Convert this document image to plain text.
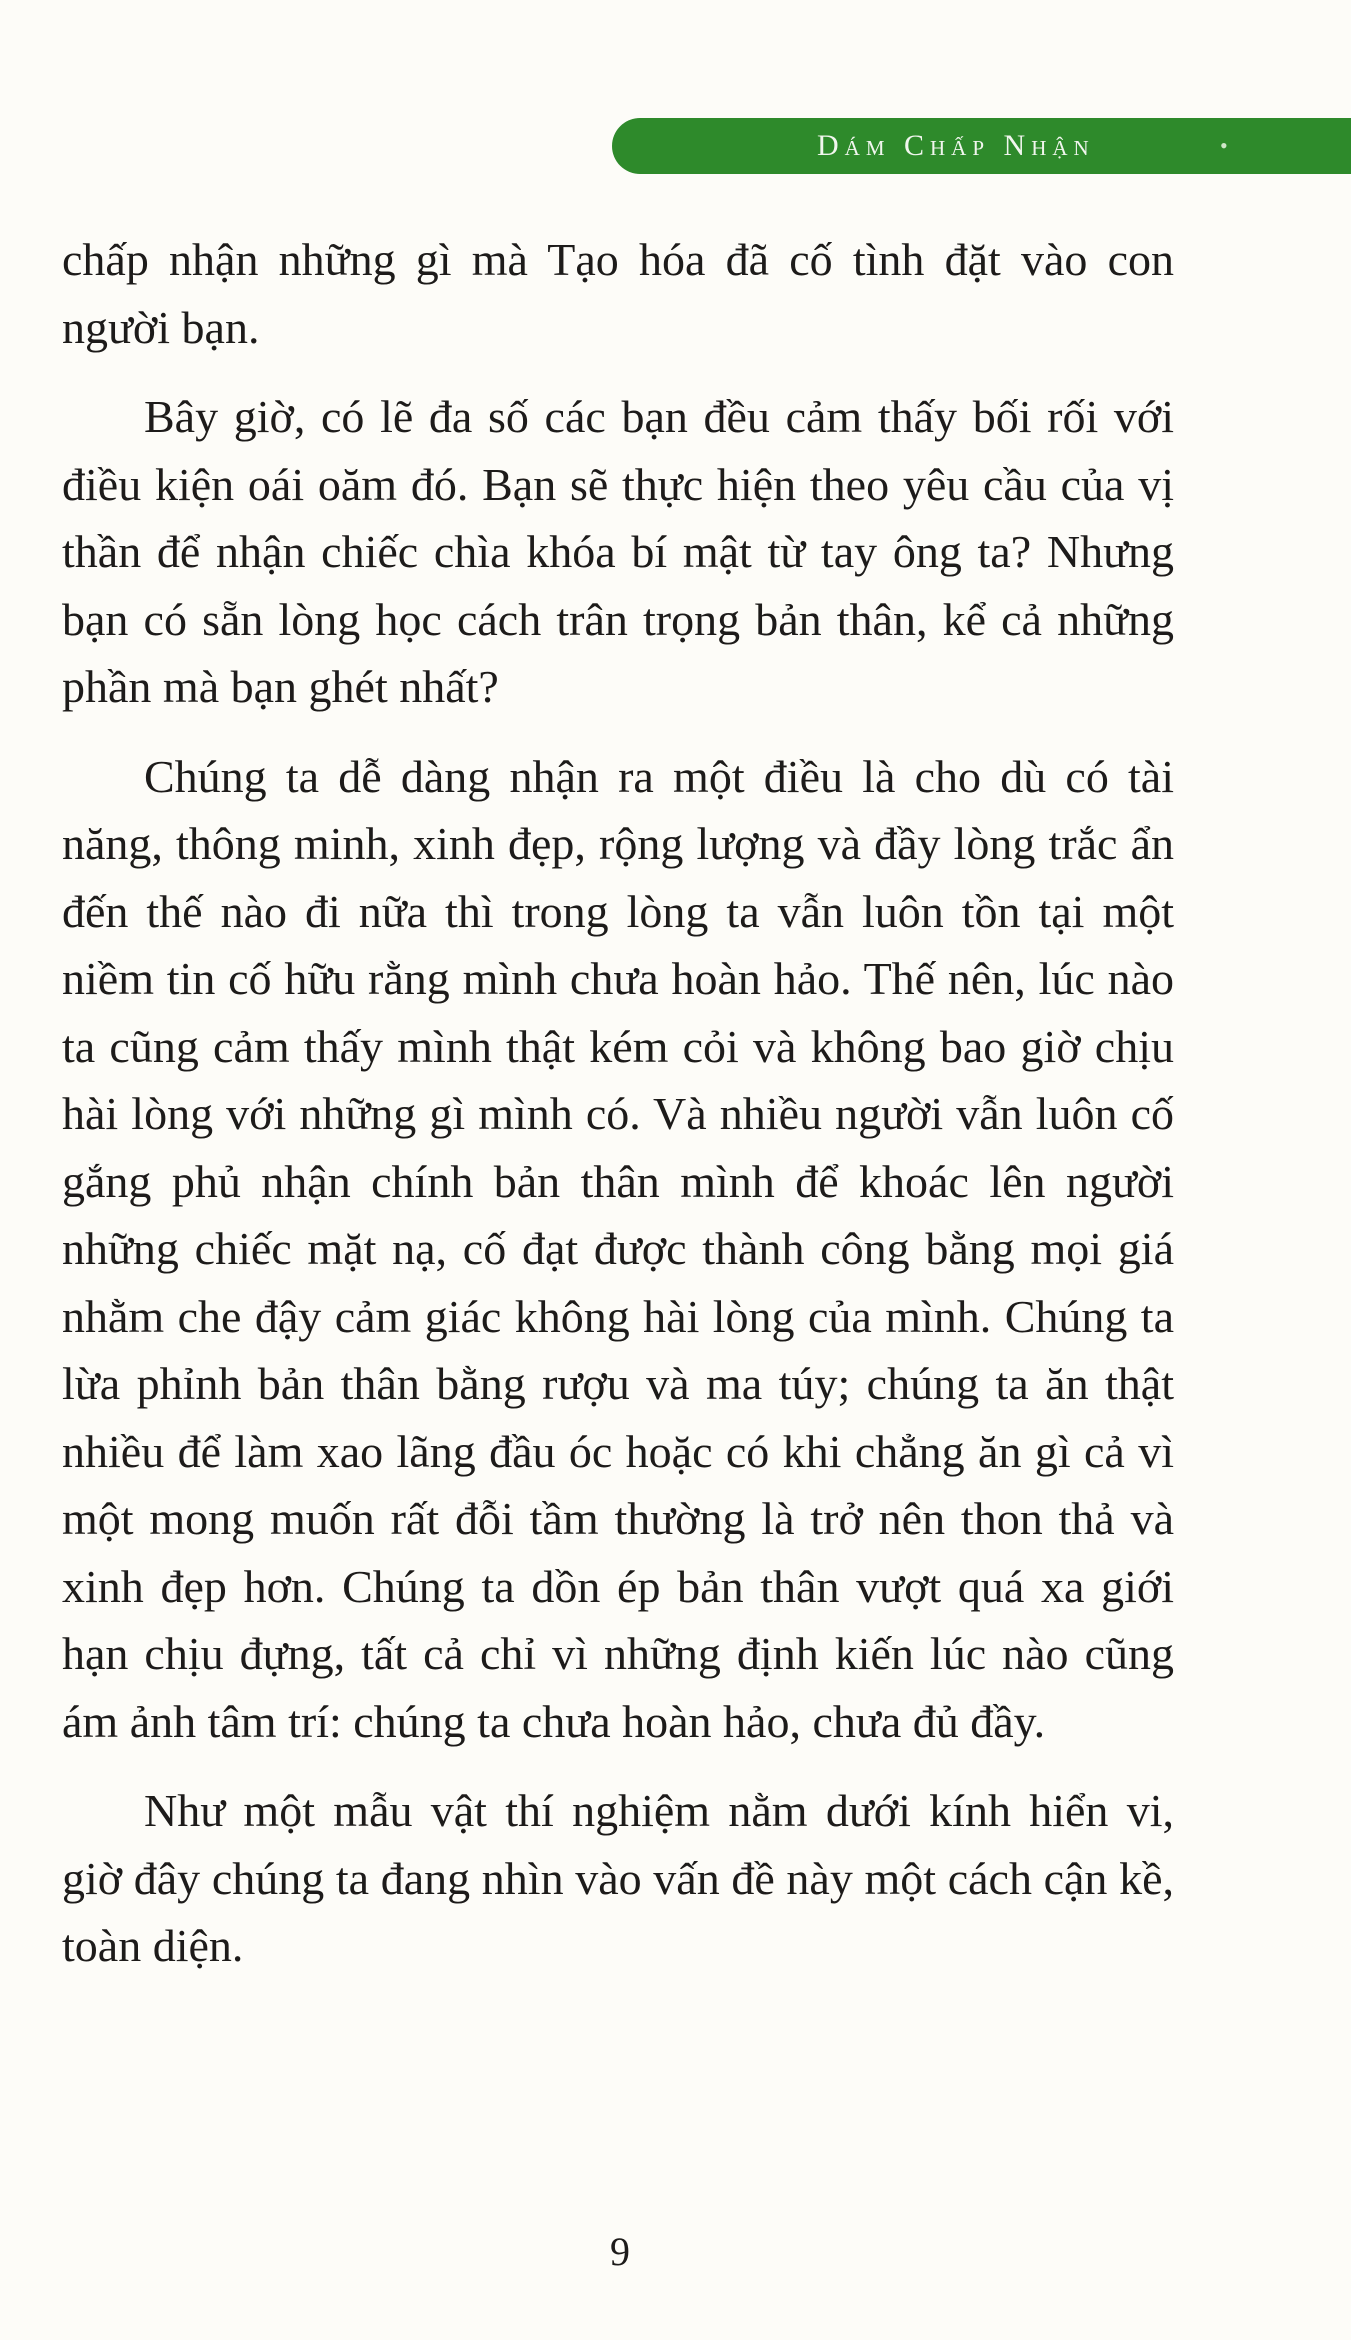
Dám Chấp Nhận	•

chấp nhận những gì mà Tạo hóa đã cố tình đặt vào con người bạn.

Bây giờ, có lẽ đa số các bạn đều cảm thấy bối rối với điều kiện oái oăm đó. Bạn sẽ thực hiện theo yêu cầu của vị thần để nhận chiếc chìa khóa bí mật từ tay ông ta? Nhưng bạn có sẵn lòng học cách trân trọng bản thân, kể cả những phần mà bạn ghét nhất?

Chúng ta dễ dàng nhận ra một điều là cho dù có tài năng, thông minh, xinh đẹp, rộng lượng và đầy lòng trắc ẩn đến thế nào đi nữa thì trong lòng ta vẫn luôn tồn tại một niềm tin cố hữu rằng mình chưa hoàn hảo. Thế nên, lúc nào ta cũng cảm thấy mình thật kém cỏi và không bao giờ chịu hài lòng với những gì mình có. Và nhiều người vẫn luôn cố gắng phủ nhận chính bản thân mình để khoác lên người những chiếc mặt nạ, cố đạt được thành công bằng mọi giá nhằm che đậy cảm giác không hài lòng của mình. Chúng ta lừa phỉnh bản thân bằng rượu và ma túy; chúng ta ăn thật nhiều để làm xao lãng đầu óc hoặc có khi chẳng ăn gì cả vì một mong muốn rất đỗi tầm thường là trở nên thon thả và xinh đẹp hơn. Chúng ta dồn ép bản thân vượt quá xa giới hạn chịu đựng, tất cả chỉ vì những định kiến lúc nào cũng ám ảnh tâm trí: chúng ta chưa hoàn hảo, chưa đủ đầy.

Như một mẫu vật thí nghiệm nằm dưới kính hiển vi, giờ đây chúng ta đang nhìn vào vấn đề này một cách cận kề, toàn diện.

9
